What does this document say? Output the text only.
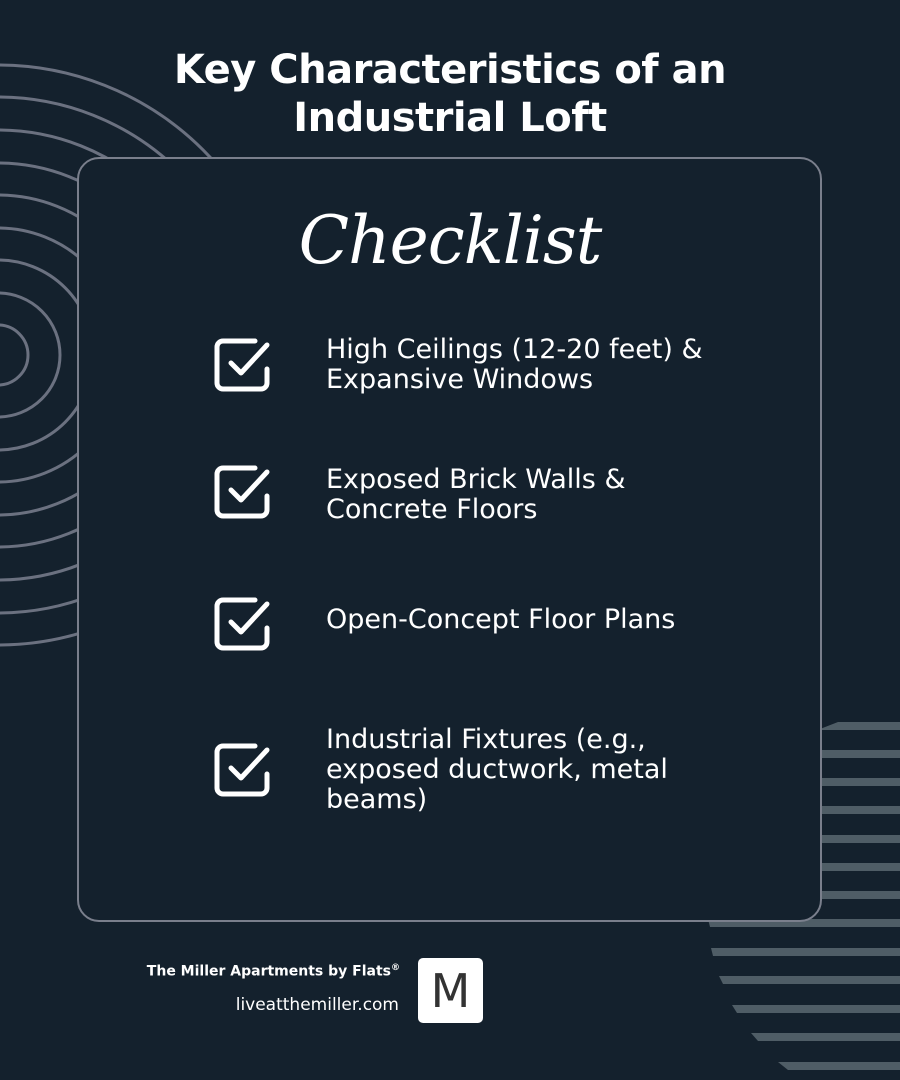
Key Characteristics of an
Industrial Loft
Checklist
High Ceilings (12-20 feet) & Expansive Windows
Exposed Brick Walls & Concrete Floors
Open-Concept Floor Plans
Industrial Fixtures (e.g., exposed ductwork, metal beams)
The Miller Apartments by Flats®
liveatthemiller.com M
